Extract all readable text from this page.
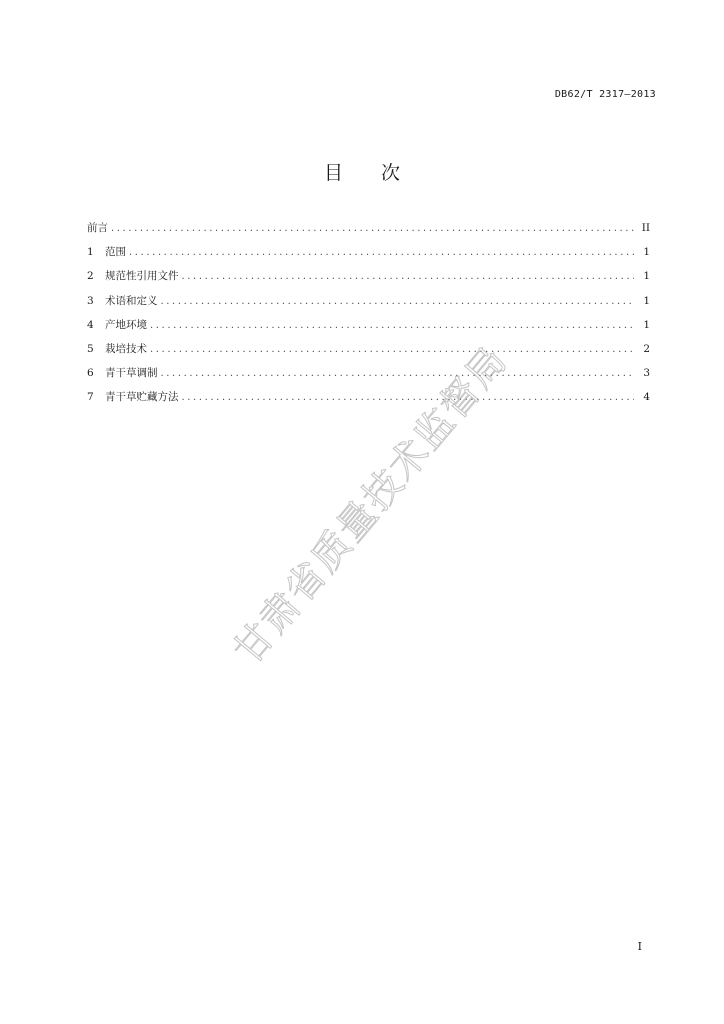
DB62/T 2317—2013
目 次
前言 .....	II
1	范围 .....	1
2	规范性引用文件 .....	1
3	术语和定义 .....	1
4	产地环境 .....	1
5	栽培技术 .....	2
6	青干草调制 .....	3
7	青干草贮藏方法 .....	4
甘肃省质量技术监督局
I
